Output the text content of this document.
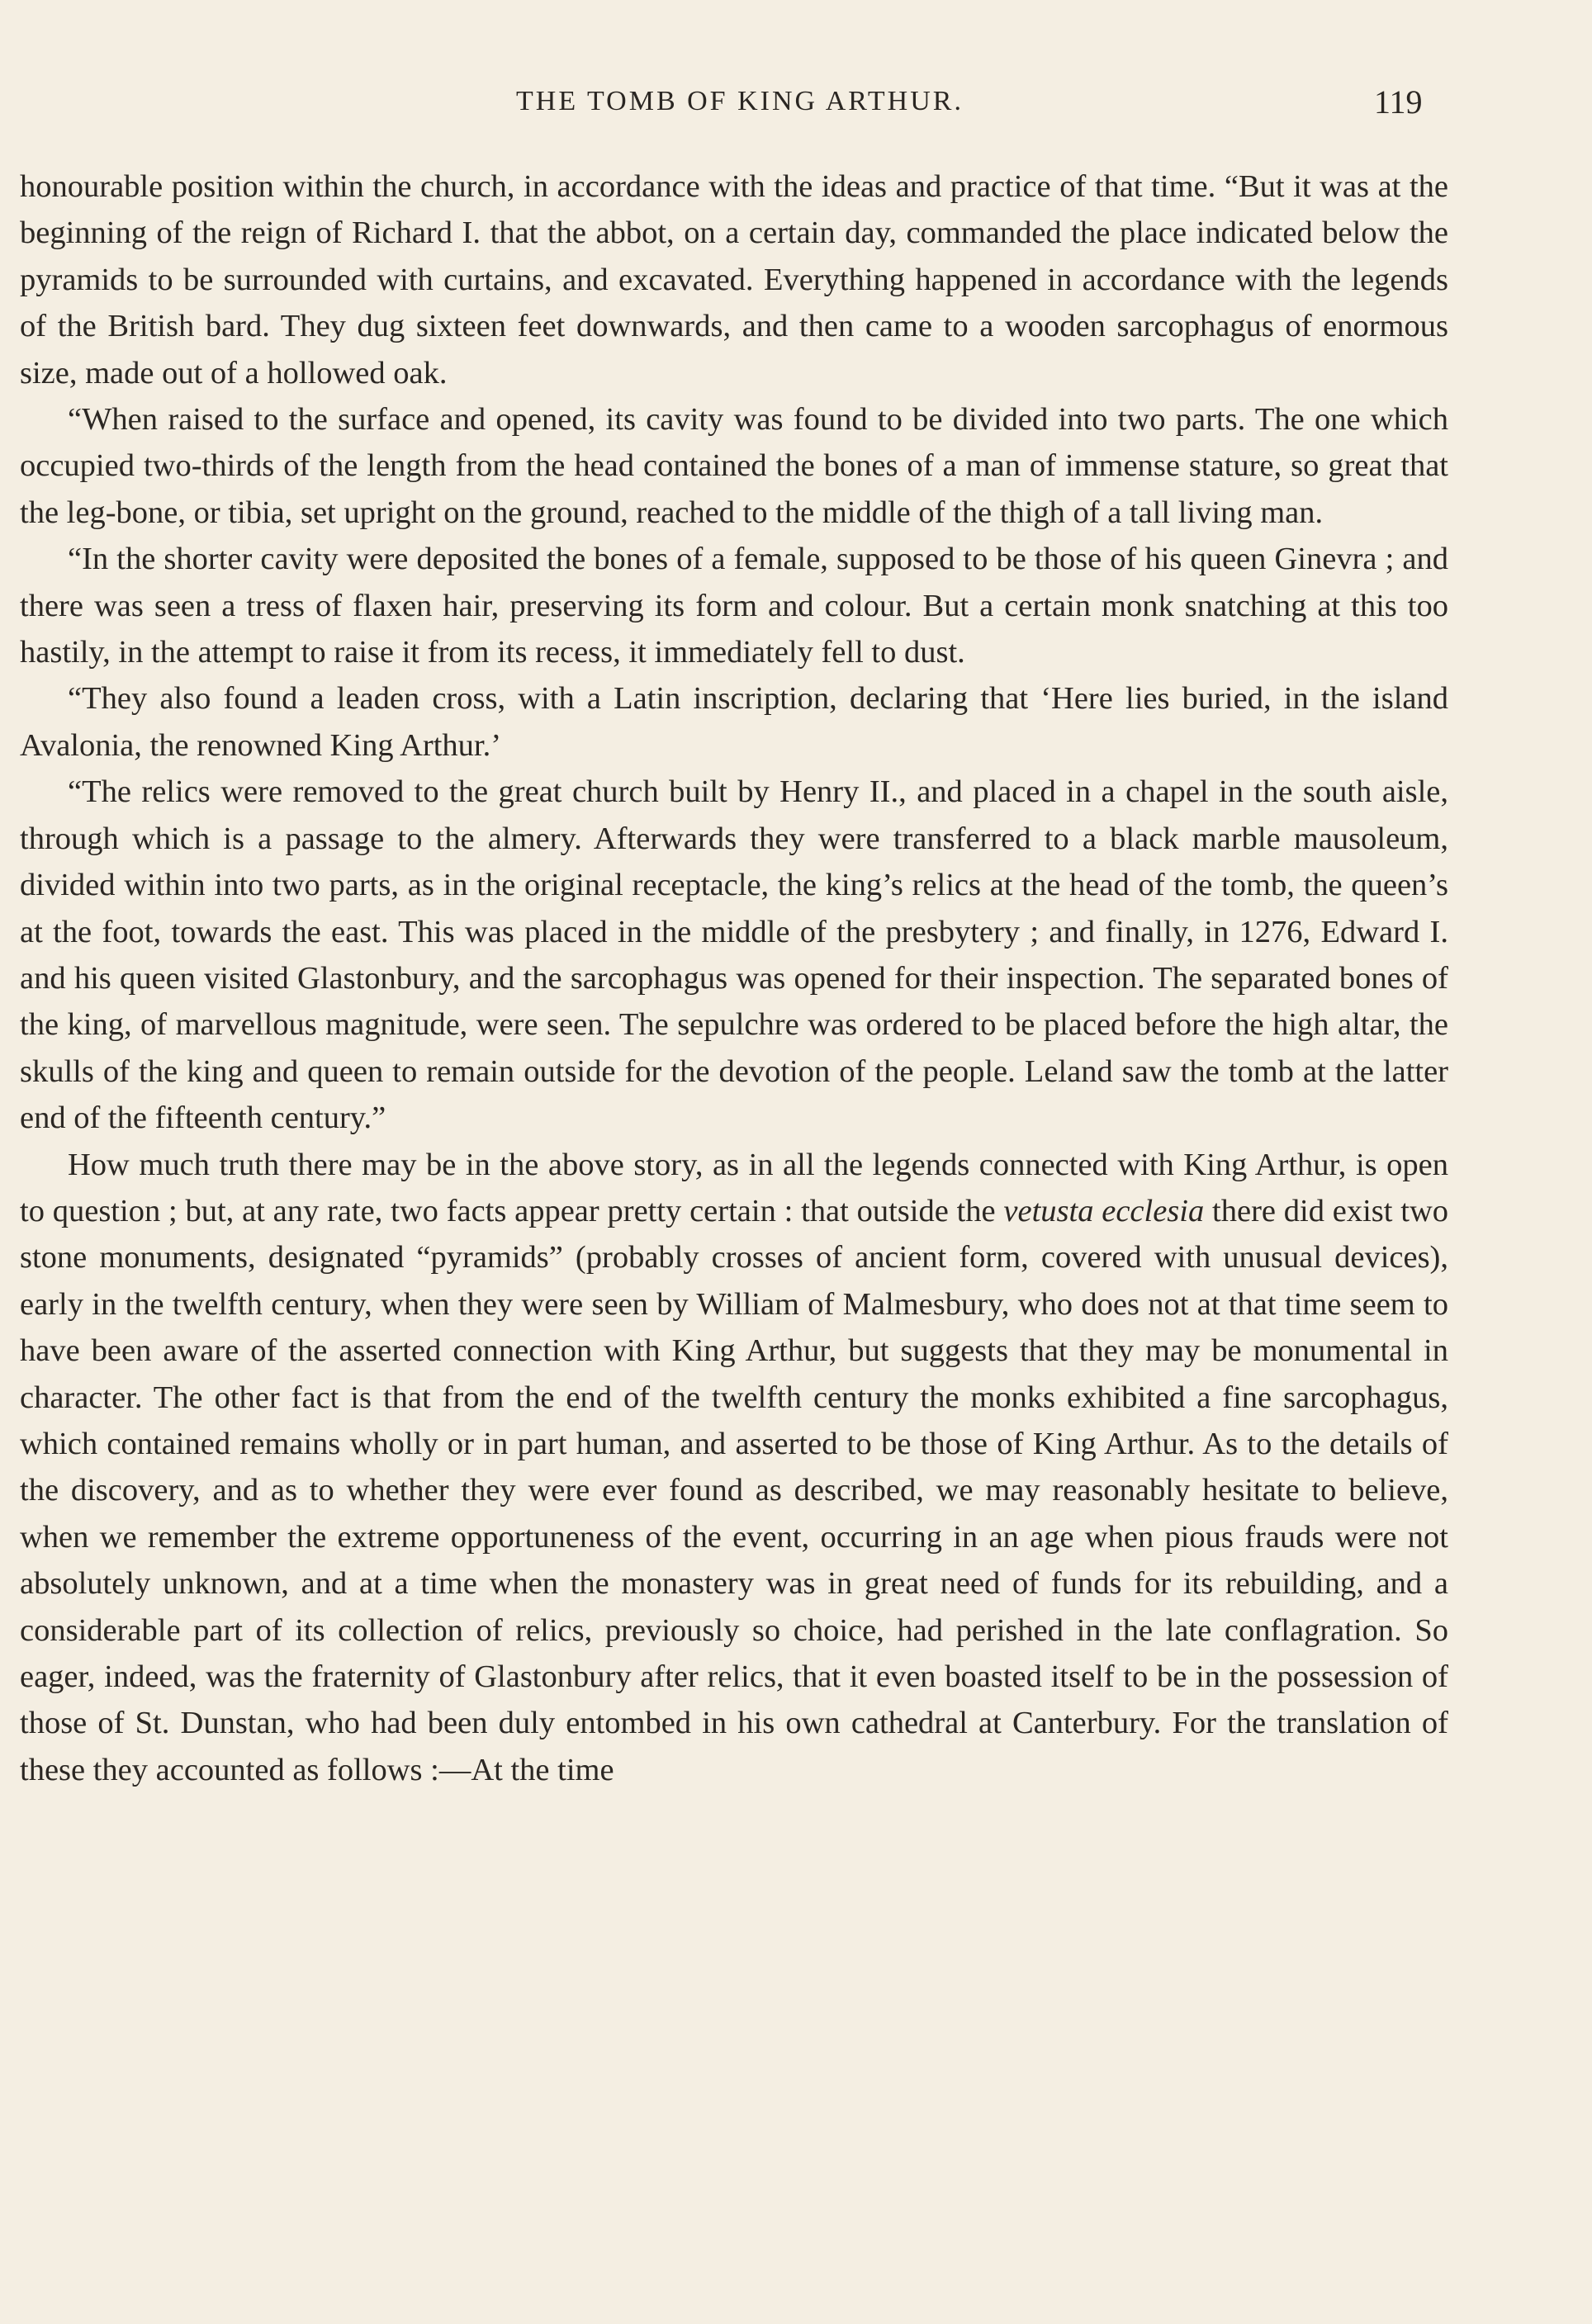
THE TOMB OF KING ARTHUR.	119

honourable position within the church, in accordance with the ideas and practice of that time. “But it was at the beginning of the reign of Richard I. that the abbot, on a certain day, commanded the place indicated below the pyramids to be surrounded with curtains, and excavated. Everything happened in accordance with the legends of the British bard. They dug sixteen feet downwards, and then came to a wooden sarcophagus of enormous size, made out of a hollowed oak.

“When raised to the surface and opened, its cavity was found to be divided into two parts. The one which occupied two-thirds of the length from the head contained the bones of a man of immense stature, so great that the leg-bone, or tibia, set upright on the ground, reached to the middle of the thigh of a tall living man.

“In the shorter cavity were deposited the bones of a female, supposed to be those of his queen Ginevra ; and there was seen a tress of flaxen hair, preserving its form and colour. But a certain monk snatching at this too hastily, in the attempt to raise it from its recess, it immediately fell to dust.

“They also found a leaden cross, with a Latin inscription, declaring that ‘Here lies buried, in the island Avalonia, the renowned King Arthur.’

“The relics were removed to the great church built by Henry II., and placed in a chapel in the south aisle, through which is a passage to the almery. Afterwards they were transferred to a black marble mausoleum, divided within into two parts, as in the original receptacle, the king’s relics at the head of the tomb, the queen’s at the foot, towards the east. This was placed in the middle of the presbytery ; and finally, in 1276, Edward I. and his queen visited Glastonbury, and the sarcophagus was opened for their inspection. The separated bones of the king, of marvellous magnitude, were seen. The sepulchre was ordered to be placed before the high altar, the skulls of the king and queen to remain outside for the devotion of the people. Leland saw the tomb at the latter end of the fifteenth century.”

How much truth there may be in the above story, as in all the legends connected with King Arthur, is open to question ; but, at any rate, two facts appear pretty certain : that outside the vetusta ecclesia there did exist two stone monuments, designated “pyramids” (probably crosses of ancient form, covered with unusual devices), early in the twelfth century, when they were seen by William of Malmesbury, who does not at that time seem to have been aware of the asserted connection with King Arthur, but suggests that they may be monumental in character. The other fact is that from the end of the twelfth century the monks exhibited a fine sarcophagus, which contained remains wholly or in part human, and asserted to be those of King Arthur. As to the details of the discovery, and as to whether they were ever found as described, we may reasonably hesitate to believe, when we remember the extreme opportuneness of the event, occurring in an age when pious frauds were not absolutely unknown, and at a time when the monastery was in great need of funds for its rebuilding, and a considerable part of its collection of relics, previously so choice, had perished in the late conflagration. So eager, indeed, was the fraternity of Glastonbury after relics, that it even boasted itself to be in the possession of those of St. Dunstan, who had been duly entombed in his own cathedral at Canterbury. For the translation of these they accounted as follows :—At the time
